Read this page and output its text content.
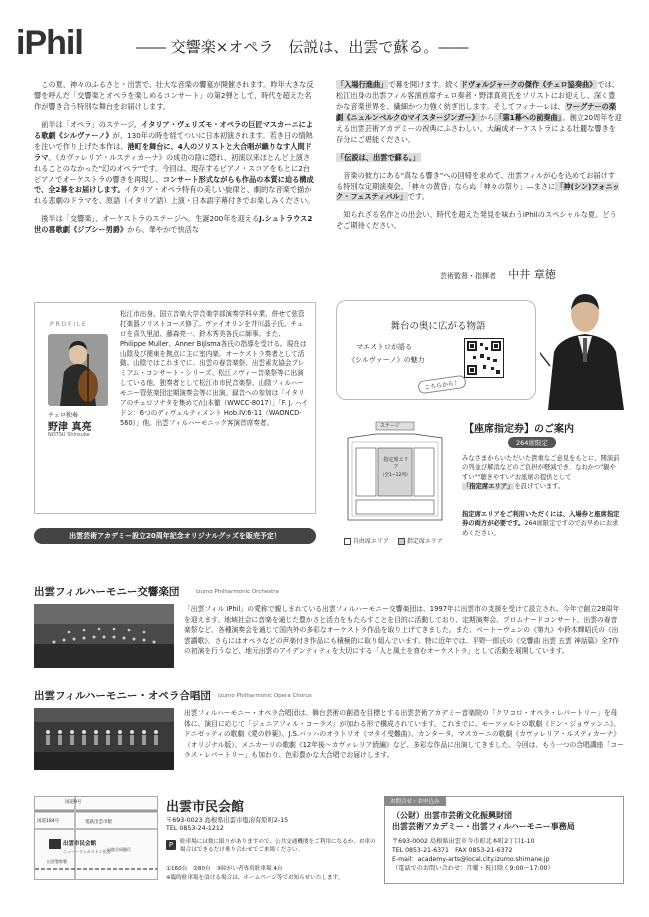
iPhil	―― 交響楽×オペラ　伝説は、出雲で蘇る。――

この夏、神々のふるさと・出雲で、壮大な音楽の饗宴が開催されます。昨年大きな反響を呼んだ「交響楽とオペラを楽しめるコンサート」の第2弾として、時代を超えた名作が響き合う特別な舞台をお届けします。

前半は「オペラ」のステージ。イタリア・ヴェリズモ・オペラの巨匠マスカーニによる歌劇《シルヴァーノ》が、130年の時を経てついに日本初演されます。若き日の情熱を注いで作り上げた本作は、港町を舞台に、4人のソリストと大合唱が織りなす人間ドラマ。《カヴァレリア・ルスティカーナ》の成功の陰に隠れ、初演以来ほとんど上演されることのなかった"幻のオペラ"です。今回は、現存するピアノ・スコアをもとに2台ピアノでオーケストラの響きを再現し、コンサート形式ながらも作品の本質に迫る構成で、全2幕をお届けします。イタリア・オペラ特有の美しい旋律と、劇的な音楽で描かれる悲劇のドラマを、原語（イタリア語）上演・日本語字幕付きでお楽しみください。

後半は「交響楽」、オーケストラのステージへ。生誕200年を迎えるJ.シュトラウス2世の喜歌劇《ジプシー男爵》から、華やかで快活な

「入場行進曲」で幕を開けます。続くドヴォルジャークの傑作《チェロ協奏曲》では、松江出身の出雲フィル客演首席チェロ奏者・野津真亮氏をソリストにお迎えし、深く豊かな音楽世界を、繊細かつ力強く紡ぎ出します。そしてフィナーレは、ワーグナーの楽劇《ニュルンベルクのマイスタージンガー》から「第1幕への前奏曲」。創立20周年を迎える出雲芸術アカデミーの祝典にふさわしい、大編成オーケストラによる壮麗な響きを存分にご堪能ください。

「伝説は、出雲で蘇る。」

音楽の彼方にある"真なる響き"への回帰を求めて、出雲フィルが心を込めてお届けする特別な定期演奏会。「神々の黄昏」ならぬ「神々の祭り」―まさに「神(シン)フォニック・フェスティバル」です。

知られざる名作との出会い、時代を超えた発見を味わうiPhilのスペシャルな夏。どうぞご期待ください。

芸術監督・指揮者 中井 章徳
PROFILE
チェロ独奏
野津 真亮
NOTSU Shinsuke
松江市出身。国立音楽大学音楽学部演奏学科卒業、併せて弦管打楽器ソリストコース修了。ヴァイオリンを井川晶子氏、チェロを喜久里誼、藤森亮一、鈴木秀美各氏に師事。また、Philippe Muller、Anner Bijlsma各氏の指導を受ける。現在は山陰及び関東を拠点に主に室内楽、オーケストラ奏者として活動。山陰ではこれまでに、出雲の春音楽祭、出雲素友協会プレミアム・コンサート・シリーズ、松江ノヴィー音楽祭等に出演している他、独奏者として松江市市民音楽祭、山陰フィルハーモニー管弦楽団定期演奏会等に出演。録音への参加は「イタリアのチェロソナタを集めて/山本徹（WWCC-8017）」「F. J. ハイドン：6つのディヴェルティメント Hob.IV:6-11（WAONCD-560）」他。出雲フィルハーモニック客演首席奏者。
出雲芸術アカデミー設立20周年記念オリジナルグッズを販売予定！
舞台の奥に広がる物語
マエストロが語る
《シルヴァーノ》の魅力
こちらから！
ステージ
指定席エリア
（全1~12列）
自由席エリア	指定席エリア
【座席指定券】のご案内
264席限定
みなさまからいただいた貴重なご意見をもとに、開演前の列並び解消などのご負担が軽減でき、なおかつ"観やすい""聴きやすい"お座席の提供として「指定席エリア」を設けています。
指定席エリアをご利用いただくには、入場券と座席指定券の両方が必要です。264席限定ですのでお早めにお求めください。
出雲フィルハーモニー交響楽団	Izumo Philharmonic Orchestra
「出雲フィル iPhil」の愛称で親しまれている出雲フィルハーモニー交響楽団は、1997年に出雲市の支援を受けて設立され、今年で創立28周年を迎えます。地域社会に音楽を通じた豊かさと活力をもたらすことを目的に活動しており、定期演奏会、プロムナードコンサート、出雲の春音楽祭など、各種演奏会を通じて国内外の多彩なオーケストラ作品を取り上げてきました。また、ベートーヴェンの《第九》や鈴木輝昭氏の《出雲讃歌》、さらにはオペラなどの声楽付き作品にも積極的に取り組んでいます。特に近年では、平野一郎氏の《交響曲 出雲 五雲 神話篇》全7作の初演を行うなど、地元出雲のアイデンティティを大切にする「人と風土を育むオーケストラ」として活動を展開しています。
出雲フィルハーモニー・オペラ合唱団 Izumo Philharmonic Opera Chorus
出雲フィルハーモニー・オペラ合唱団は、舞台芸術の創造を目標とする出雲芸術アカデミー音楽院の「クワコロ・オペラ・レパートリー」を母体に、演目に応じて「ジュニアフィル・コーラス」が加わる形で構成されています。これまでに、モーツァルトの歌劇《ドン・ジョヴァンニ》、ドニゼッティの歌劇《愛の妙薬》、J.S.バッハのオラトリオ《マタイ受難曲》、カンタータ、マスカーニの歌劇《カヴァレリア・ルスティカーナ》（オリジナル版）、メニカーリの歌劇《12年後～カヴァレリア続編》など、多彩な作品に出演してきました。今回は、もう一つの合唱講座「コーラス・レパートリー」も加わり、色彩豊かな大合唱でお届けします。
国道9号
国道184号	電鉄出雲市駅
出雲市民会館
ニュー・ウェルストン出雲
山陰合同銀行
出雲警察署
出雲市民会館
〒693-0023 島根県出雲市塩冶有原町2-15
TEL 0853-24-1212
P	駐車場には数に限りがありますので、公共交通機関をご利用になるか、お車の場合はできるだけ乗り合わせでご来場ください。
①160台　②80台　③障がい者専用駐車場 4台
※臨時駐車場を設ける場合は、ホームページ等でお知らせいたします。
お問合せ・お申込み
（公財）出雲市芸術文化振興財団
出雲芸術アカデミー・出雲フィルハーモニー事務局
〒693-0002 島根県出雲市今市町北本町2丁目1-10
TEL 0853-21-6371　FAX 0853-21-6372
E-mail：academy-arts@local.city.izumo.shimane.jp
（電話でのお問い合わせ：月曜・祝日除く9:00〜17:00）
